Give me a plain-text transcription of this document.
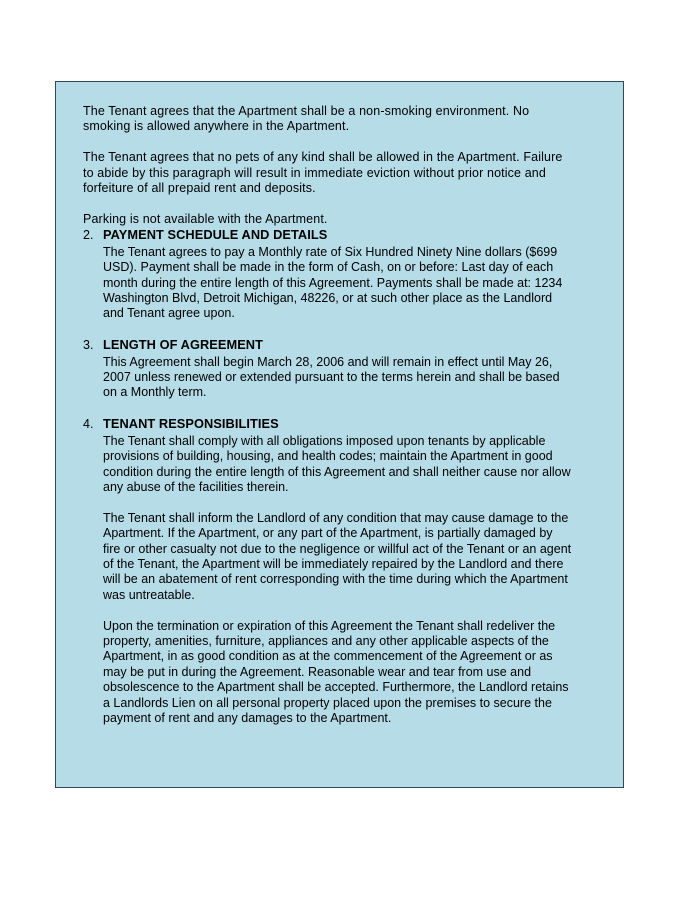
The Tenant agrees that the Apartment shall be a non-smoking environment. No smoking is allowed anywhere in the Apartment.

The Tenant agrees that no pets of any kind shall be allowed in the Apartment. Failure to abide by this paragraph will result in immediate eviction without prior notice and forfeiture of all prepaid rent and deposits.

Parking is not available with the Apartment.

2. PAYMENT SCHEDULE AND DETAILS

The Tenant agrees to pay a Monthly rate of Six Hundred Ninety Nine dollars ($699 USD). Payment shall be made in the form of Cash, on or before: Last day of each month during the entire length of this Agreement. Payments shall be made at: 1234 Washington Blvd, Detroit Michigan, 48226, or at such other place as the Landlord and Tenant agree upon.

3. LENGTH OF AGREEMENT

This Agreement shall begin March 28, 2006 and will remain in effect until May 26, 2007 unless renewed or extended pursuant to the terms herein and shall be based on a Monthly term.

4. TENANT RESPONSIBILITIES

The Tenant shall comply with all obligations imposed upon tenants by applicable provisions of building, housing, and health codes; maintain the Apartment in good condition during the entire length of this Agreement and shall neither cause nor allow any abuse of the facilities therein.

The Tenant shall inform the Landlord of any condition that may cause damage to the Apartment. If the Apartment, or any part of the Apartment, is partially damaged by fire or other casualty not due to the negligence or willful act of the Tenant or an agent of the Tenant, the Apartment will be immediately repaired by the Landlord and there will be an abatement of rent corresponding with the time during which the Apartment was untreatable.

Upon the termination or expiration of this Agreement the Tenant shall redeliver the property, amenities, furniture, appliances and any other applicable aspects of the Apartment, in as good condition as at the commencement of the Agreement or as may be put in during the Agreement. Reasonable wear and tear from use and obsolescence to the Apartment shall be accepted. Furthermore, the Landlord retains a Landlords Lien on all personal property placed upon the premises to secure the payment of rent and any damages to the Apartment.
